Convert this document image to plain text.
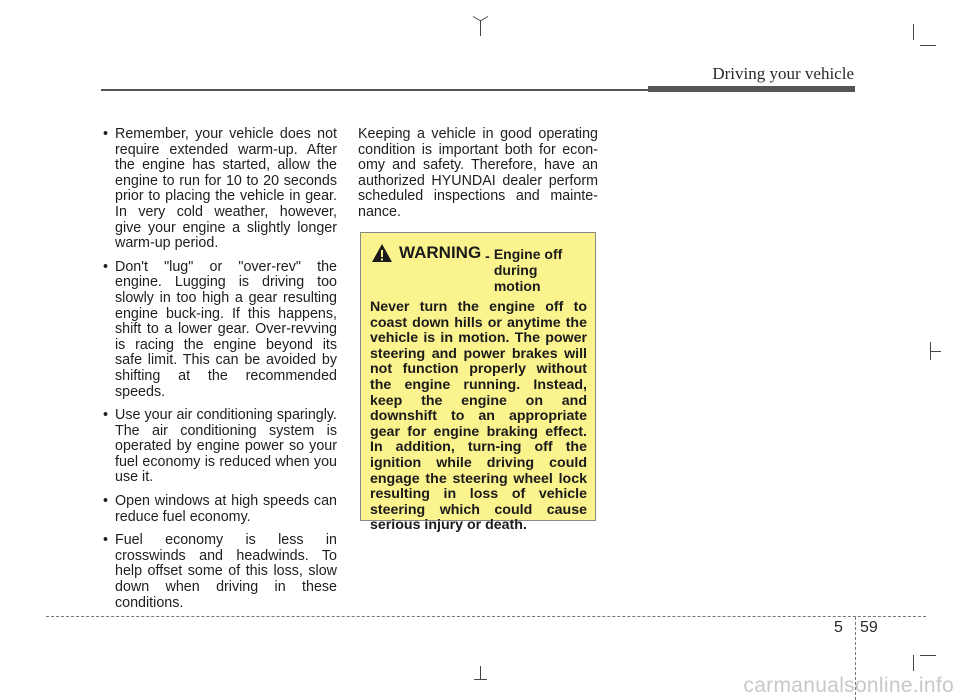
Driving your vehicle
• Remember, your vehicle does not require extended warm-up. After the engine has started, allow the engine to run for 10 to 20 seconds prior to placing the vehicle in gear. In very cold weather, however, give your engine a slightly longer warm-up period.
• Don't "lug" or "over-rev" the engine. Lugging is driving too slowly in too high a gear resulting engine buck-ing. If this happens, shift to a lower gear. Over-revving is racing the engine beyond its safe limit. This can be avoided by shifting at the recommended speeds.
• Use your air conditioning sparingly. The air conditioning system is operated by engine power so your fuel economy is reduced when you use it.
• Open windows at high speeds can reduce fuel economy.
• Fuel economy is less in crosswinds and headwinds. To help offset some of this loss, slow down when driving in these conditions.

Keeping a vehicle in good operating condition is important both for econ-omy and safety. Therefore, have an authorized HYUNDAI dealer perform scheduled inspections and mainte-nance.

WARNING - Engine off during motion

Never turn the engine off to coast down hills or anytime the vehicle is in motion. The power steering and power brakes will not function properly without the engine running. Instead, keep the engine on and downshift to an appropriate gear for engine braking effect. In addition, turn-ing off the ignition while driving could engage the steering wheel lock resulting in loss of vehicle steering which could cause serious injury or death.

5 59
carmanualsonline.info
